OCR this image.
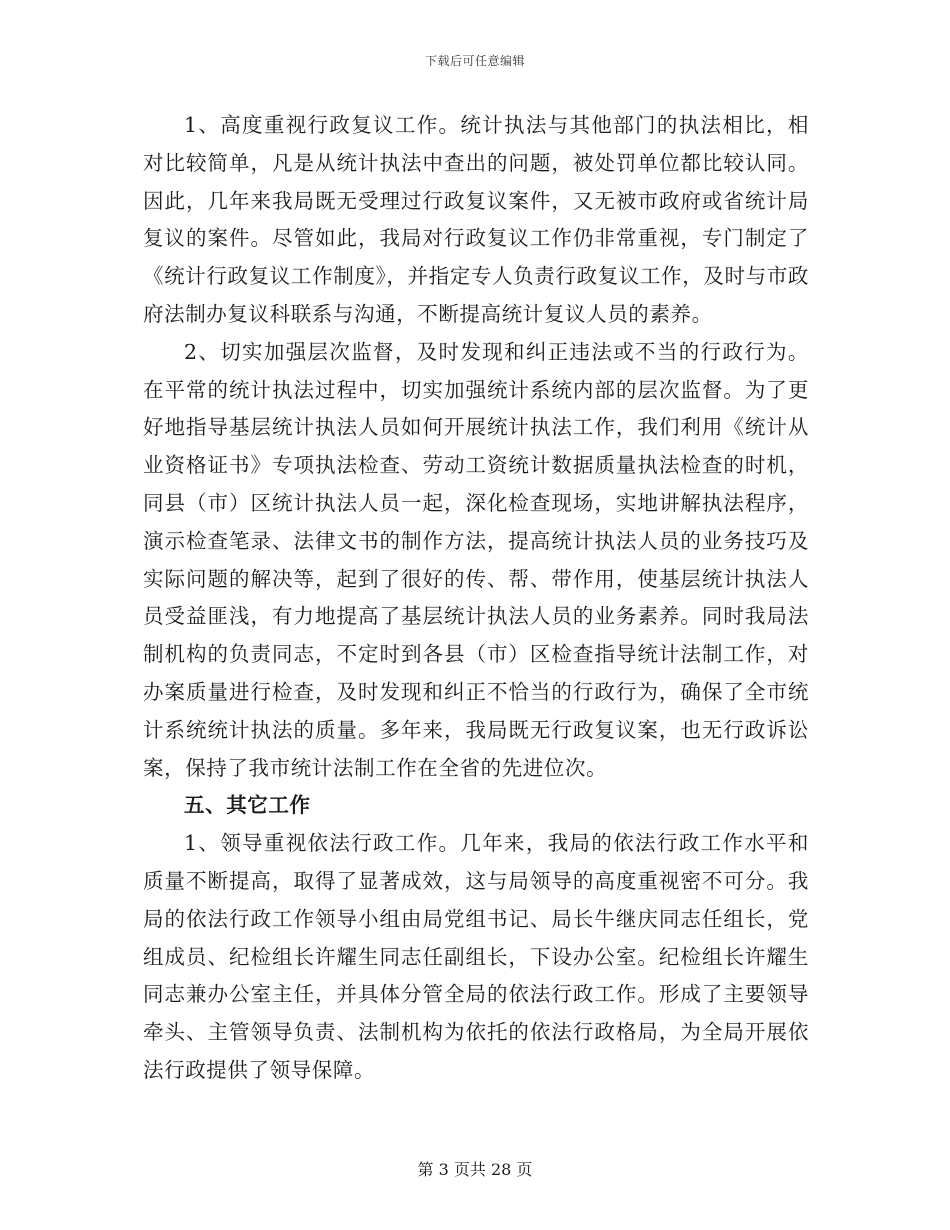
下载后可任意编辑

1、高度重视行政复议工作。统计执法与其他部门的执法相比，相对比较简单，凡是从统计执法中查出的问题，被处罚单位都比较认同。因此，几年来我局既无受理过行政复议案件，又无被市政府或省统计局复议的案件。尽管如此，我局对行政复议工作仍非常重视，专门制定了《统计行政复议工作制度》，并指定专人负责行政复议工作，及时与市政府法制办复议科联系与沟通，不断提高统计复议人员的素养。

2、切实加强层次监督，及时发现和纠正违法或不当的行政行为。在平常的统计执法过程中，切实加强统计系统内部的层次监督。为了更好地指导基层统计执法人员如何开展统计执法工作，我们利用《统计从业资格证书》专项执法检查、劳动工资统计数据质量执法检查的时机，同县（市）区统计执法人员一起，深化检查现场，实地讲解执法程序，演示检查笔录、法律文书的制作方法，提高统计执法人员的业务技巧及实际问题的解决等，起到了很好的传、帮、带作用，使基层统计执法人员受益匪浅，有力地提高了基层统计执法人员的业务素养。同时我局法制机构的负责同志，不定时到各县（市）区检查指导统计法制工作，对办案质量进行检查，及时发现和纠正不恰当的行政行为，确保了全市统计系统统计执法的质量。多年来，我局既无行政复议案，也无行政诉讼案，保持了我市统计法制工作在全省的先进位次。

五、其它工作

1、领导重视依法行政工作。几年来，我局的依法行政工作水平和质量不断提高，取得了显著成效，这与局领导的高度重视密不可分。我局的依法行政工作领导小组由局党组书记、局长牛继庆同志任组长，党组成员、纪检组长许耀生同志任副组长，下设办公室。纪检组长许耀生同志兼办公室主任，并具体分管全局的依法行政工作。形成了主要领导牵头、主管领导负责、法制机构为依托的依法行政格局，为全局开展依法行政提供了领导保障。

第 3 页共 28 页
